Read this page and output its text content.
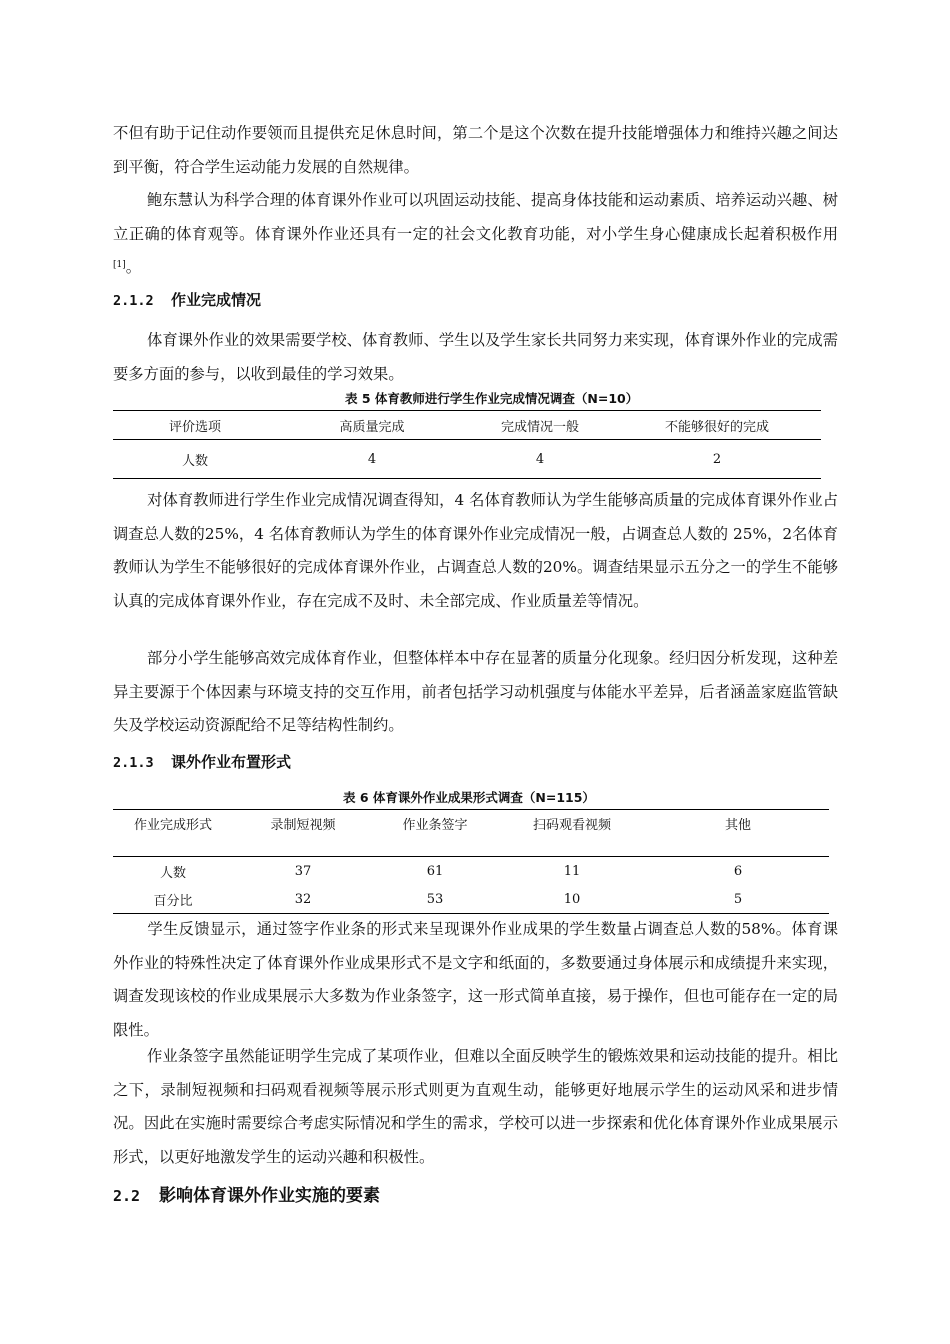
不但有助于记住动作要领而且提供充足休息时间，第二个是这个次数在提升技能增强体力和维持兴趣之间达到平衡，符合学生运动能力发展的自然规律。

鲍东慧认为科学合理的体育课外作业可以巩固运动技能、提高身体技能和运动素质、培养运动兴趣、树立正确的体育观等。体育课外作业还具有一定的社会文化教育功能，对小学生身心健康成长起着积极作用[1]。

2.1.2 作业完成情况

体育课外作业的效果需要学校、体育教师、学生以及学生家长共同努力来实现，体育课外作业的完成需要多方面的参与，以收到最佳的学习效果。

表 5 体育教师进行学生作业完成情况调查（N=10）
评价选项	高质量完成	完成情况一般	不能够很好的完成
人数	4	4	2

对体育教师进行学生作业完成情况调查得知，4 名体育教师认为学生能够高质量的完成体育课外作业占调查总人数的25%，4 名体育教师认为学生的体育课外作业完成情况一般，占调查总人数的 25%，2名体育教师认为学生不能够很好的完成体育课外作业，占调查总人数的20%。调查结果显示五分之一的学生不能够认真的完成体育课外作业，存在完成不及时、未全部完成、作业质量差等情况。

部分小学生能够高效完成体育作业，但整体样本中存在显著的质量分化现象。经归因分析发现，这种差异主要源于个体因素与环境支持的交互作用，前者包括学习动机强度与体能水平差异，后者涵盖家庭监管缺失及学校运动资源配给不足等结构性制约。

2.1.3 课外作业布置形式
表 6 体育课外作业成果形式调查（N=115）
作业完成形式	录制短视频	作业条签字	扫码观看视频	其他
人数	37	61	11	6
百分比	32	53	10	5

学生反馈显示，通过签字作业条的形式来呈现课外作业成果的学生数量占调查总人数的58%。体育课外作业的特殊性决定了体育课外作业成果形式不是文字和纸面的，多数要通过身体展示和成绩提升来实现，调查发现该校的作业成果展示大多数为作业条签字，这一形式简单直接，易于操作，但也可能存在一定的局限性。

作业条签字虽然能证明学生完成了某项作业，但难以全面反映学生的锻炼效果和运动技能的提升。相比之下，录制短视频和扫码观看视频等展示形式则更为直观生动，能够更好地展示学生的运动风采和进步情况。因此在实施时需要综合考虑实际情况和学生的需求，学校可以进一步探索和优化体育课外作业成果展示形式，以更好地激发学生的运动兴趣和积极性。

2.2 影响体育课外作业实施的要素
